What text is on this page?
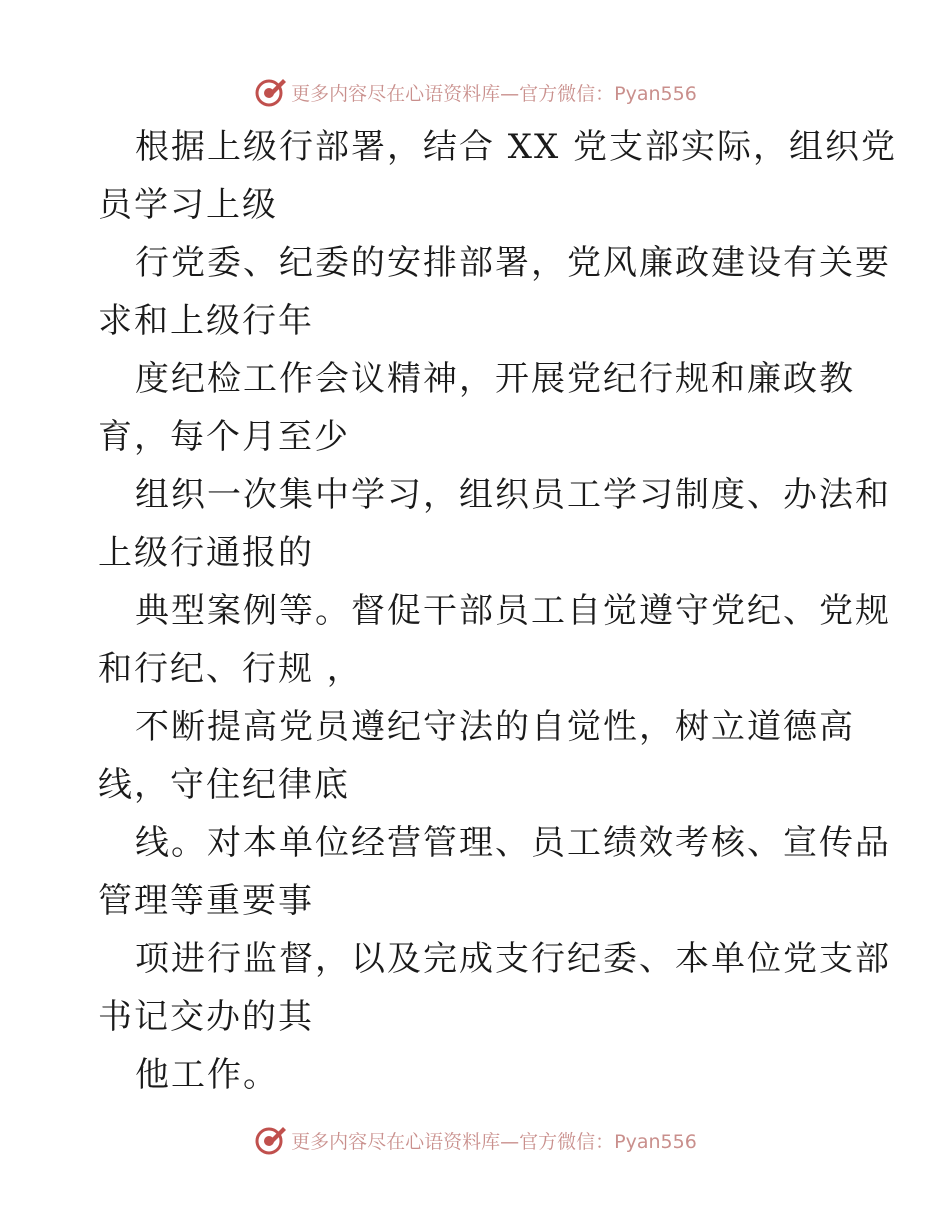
更多内容尽在心语资料库—官方微信：Pyan556
根据上级行部署，结合 XX 党支部实际，组织党
员学习上级
行党委、纪委的安排部署，党风廉政建设有关要
求和上级行年
度纪检工作会议精神，开展党纪行规和廉政教
育，每个月至少
组织一次集中学习，组织员工学习制度、办法和
上级行通报的
典型案例等。督促干部员工自觉遵守党纪、党规
和行纪、行规 ，
不断提高党员遵纪守法的自觉性，树立道德高
线，守住纪律底
线。对本单位经营管理、员工绩效考核、宣传品
管理等重要事
项进行监督，以及完成支行纪委、本单位党支部
书记交办的其
他工作。
更多内容尽在心语资料库—官方微信：Pyan556
